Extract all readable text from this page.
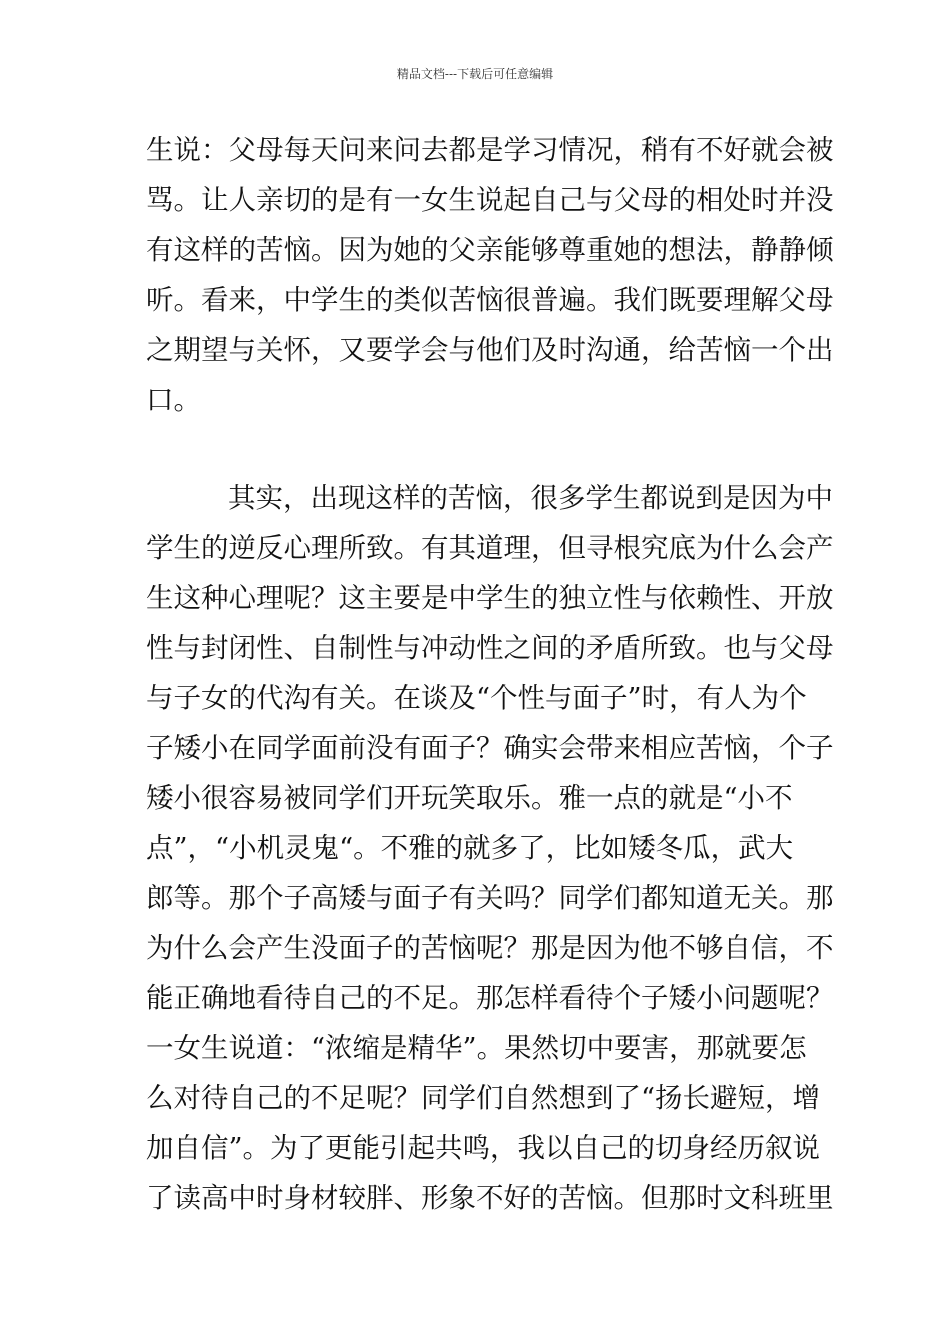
精品文档---下载后可任意编辑
生说：父母每天问来问去都是学习情况，稍有不好就会被
骂。让人亲切的是有一女生说起自己与父母的相处时并没
有这样的苦恼。因为她的父亲能够尊重她的想法，静静倾
听。看来，中学生的类似苦恼很普遍。我们既要理解父母
之期望与关怀，又要学会与他们及时沟通，给苦恼一个出
口。
其实，出现这样的苦恼，很多学生都说到是因为中
学生的逆反心理所致。有其道理，但寻根究底为什么会产
生这种心理呢？这主要是中学生的独立性与依赖性、开放
性与封闭性、自制性与冲动性之间的矛盾所致。也与父母
与子女的代沟有关。在谈及“个性与面子”时，有人为个
子矮小在同学面前没有面子？确实会带来相应苦恼，个子
矮小很容易被同学们开玩笑取乐。雅一点的就是“小不
点”，“小机灵鬼“。不雅的就多了，比如矮冬瓜，武大
郎等。那个子高矮与面子有关吗？同学们都知道无关。那
为什么会产生没面子的苦恼呢？那是因为他不够自信，不
能正确地看待自己的不足。那怎样看待个子矮小问题呢？
一女生说道：“浓缩是精华”。果然切中要害，那就要怎
么对待自己的不足呢？同学们自然想到了“扬长避短，增
加自信”。为了更能引起共鸣，我以自己的切身经历叙说
了读高中时身材较胖、形象不好的苦恼。但那时文科班里
